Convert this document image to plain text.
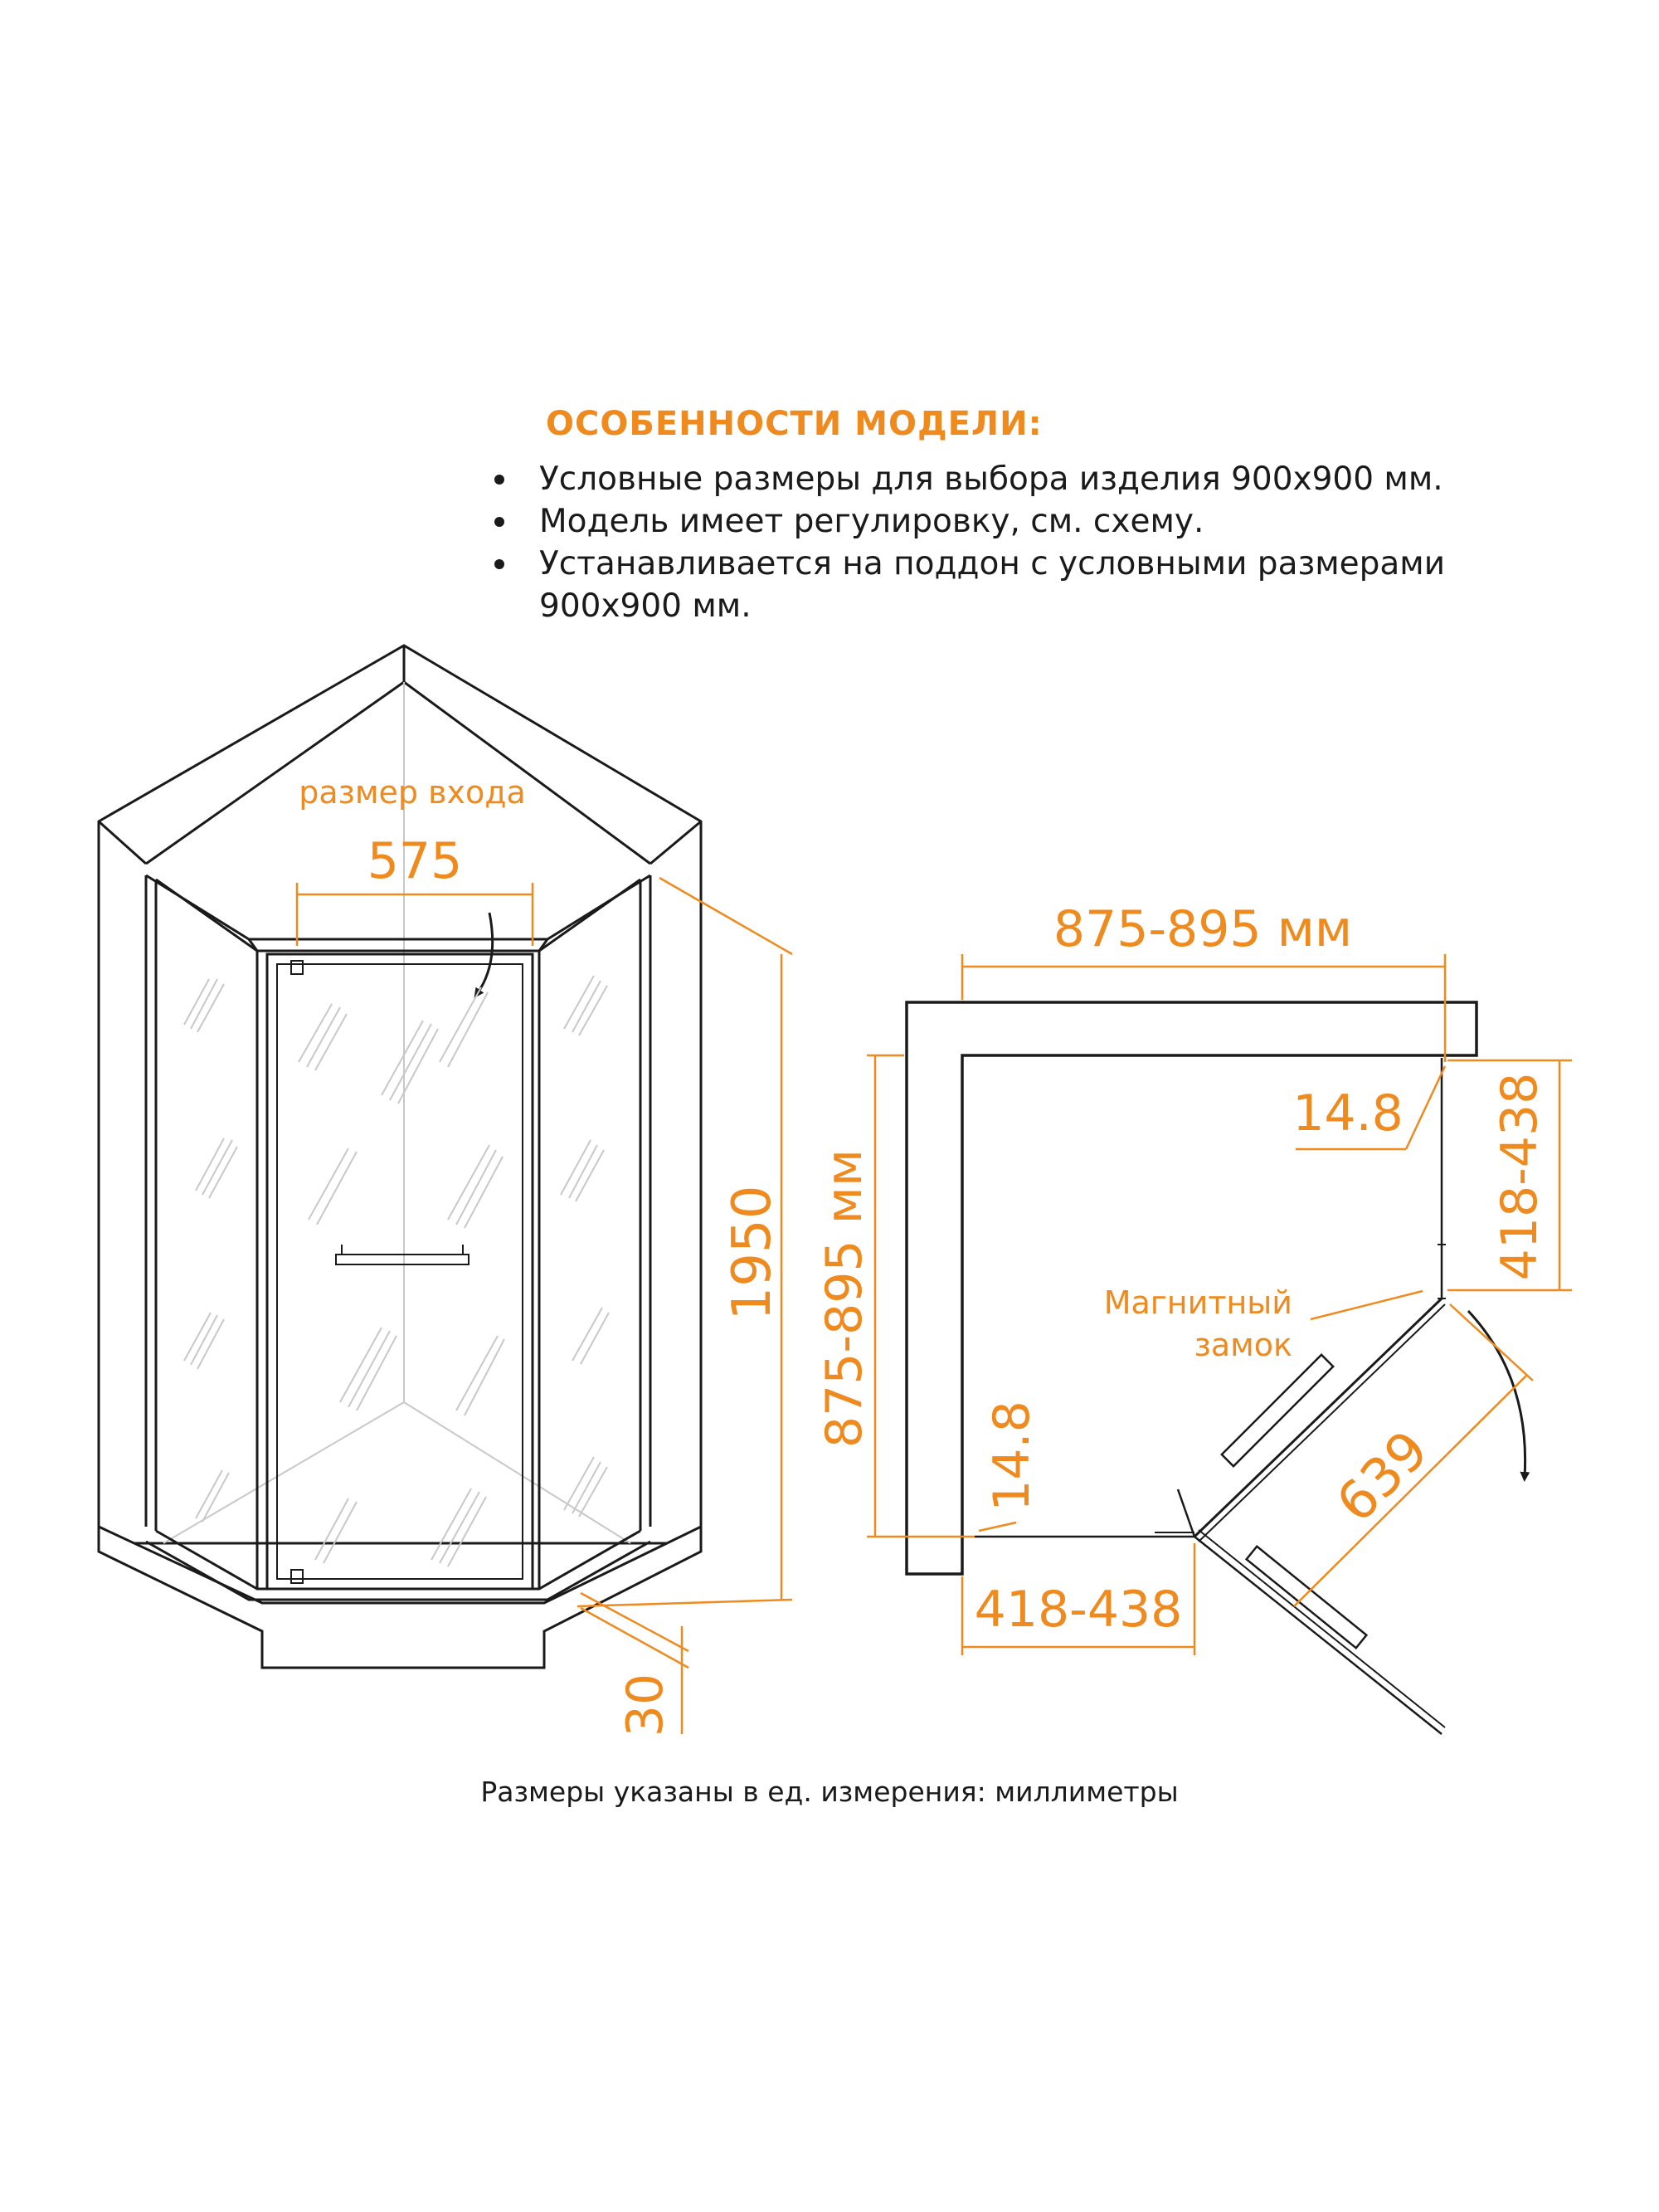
ОСОБЕННОСТИ МОДЕЛИ:
Условные размеры для выбора изделия 900x900 мм.
Модель имеет регулировку, см. схему.
Устанавливается на поддон с условными размерами 900x900 мм.
размер входа
575
1950
30
875-895 мм
875-895 мм
14.8
14.8
418-438
418-438
639
Магнитный
замок
Размеры указаны в ед. измерения: миллиметры
